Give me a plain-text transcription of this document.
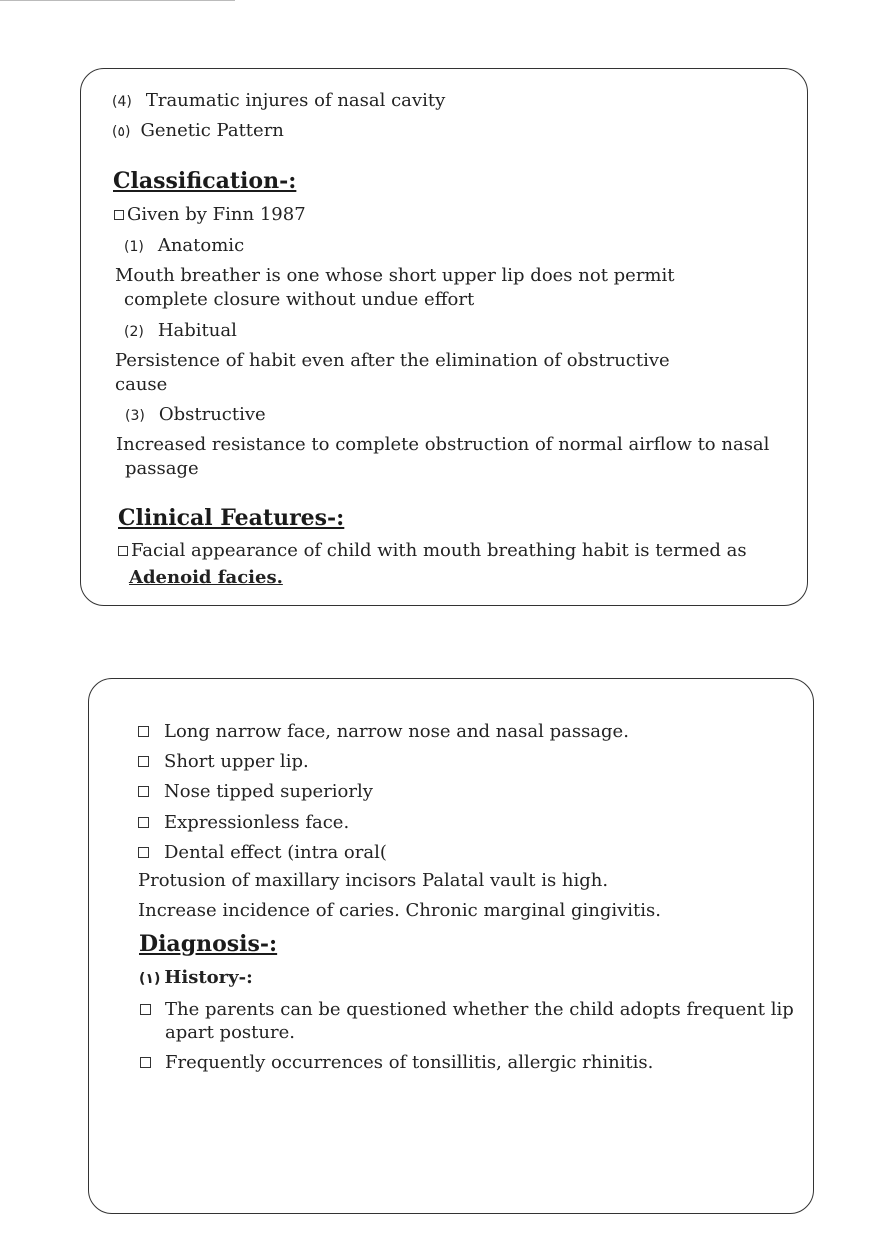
(4) Traumatic injures of nasal cavity
(٥) Genetic Pattern
Classification-:
Given by Finn 1987
(1) Anatomic
Mouth breather is one whose short upper lip does not permit
complete closure without undue effort
(2) Habitual
Persistence of habit even after the elimination of obstructive
cause
(3) Obstructive
Increased resistance to complete obstruction of normal airflow to nasal
passage
Clinical Features-:
Facial appearance of child with mouth breathing habit is termed as
Adenoid facies.
Long narrow face, narrow nose and nasal passage.
Short upper lip.
Nose tipped superiorly
Expressionless face.
Dental effect (intra oral(
Protusion of maxillary incisors Palatal vault is high.
Increase incidence of caries. Chronic marginal gingivitis.
Diagnosis-:
(١) History-:
The parents can be questioned whether the child adopts frequent lip
apart posture.
Frequently occurrences of tonsillitis, allergic rhinitis.
